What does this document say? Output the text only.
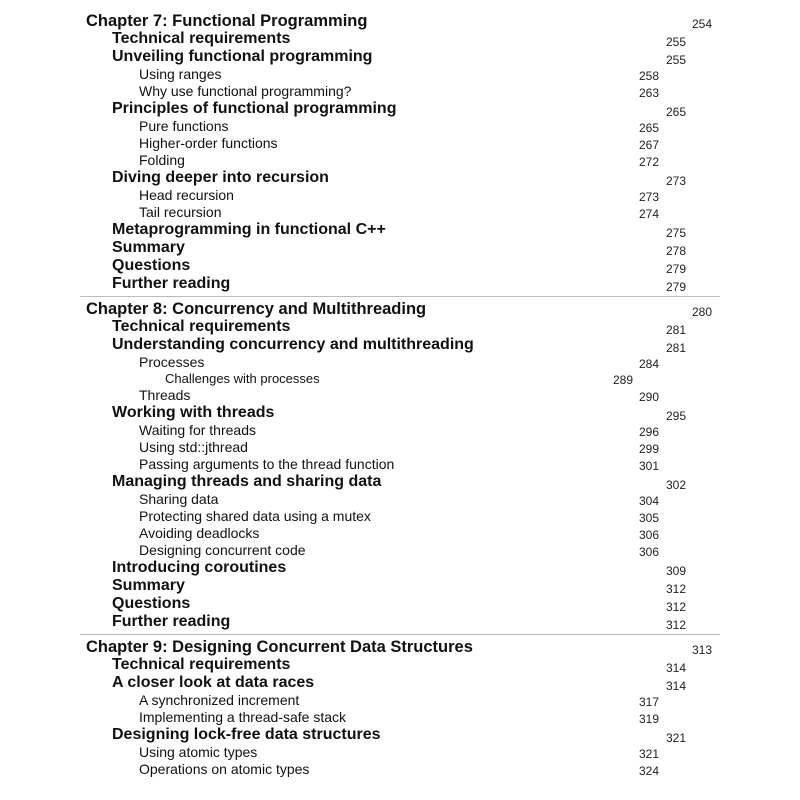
Chapter 7: Functional Programming	254
Technical requirements	255
Unveiling functional programming	255
Using ranges	258
Why use functional programming?	263
Principles of functional programming	265
Pure functions	265
Higher-order functions	267
Folding	272
Diving deeper into recursion	273
Head recursion	273
Tail recursion	274
Metaprogramming in functional C++	275
Summary	278
Questions	279
Further reading	279
Chapter 8: Concurrency and Multithreading	280
Technical requirements	281
Understanding concurrency and multithreading	281
Processes	284
Challenges with processes	289
Threads	290
Working with threads	295
Waiting for threads	296
Using std::jthread	299
Passing arguments to the thread function	301
Managing threads and sharing data	302
Sharing data	304
Protecting shared data using a mutex	305
Avoiding deadlocks	306
Designing concurrent code	306
Introducing coroutines	309
Summary	312
Questions	312
Further reading	312
Chapter 9: Designing Concurrent Data Structures	313
Technical requirements	314
A closer look at data races	314
A synchronized increment	317
Implementing a thread-safe stack	319
Designing lock-free data structures	321
Using atomic types	321
Operations on atomic types	324
